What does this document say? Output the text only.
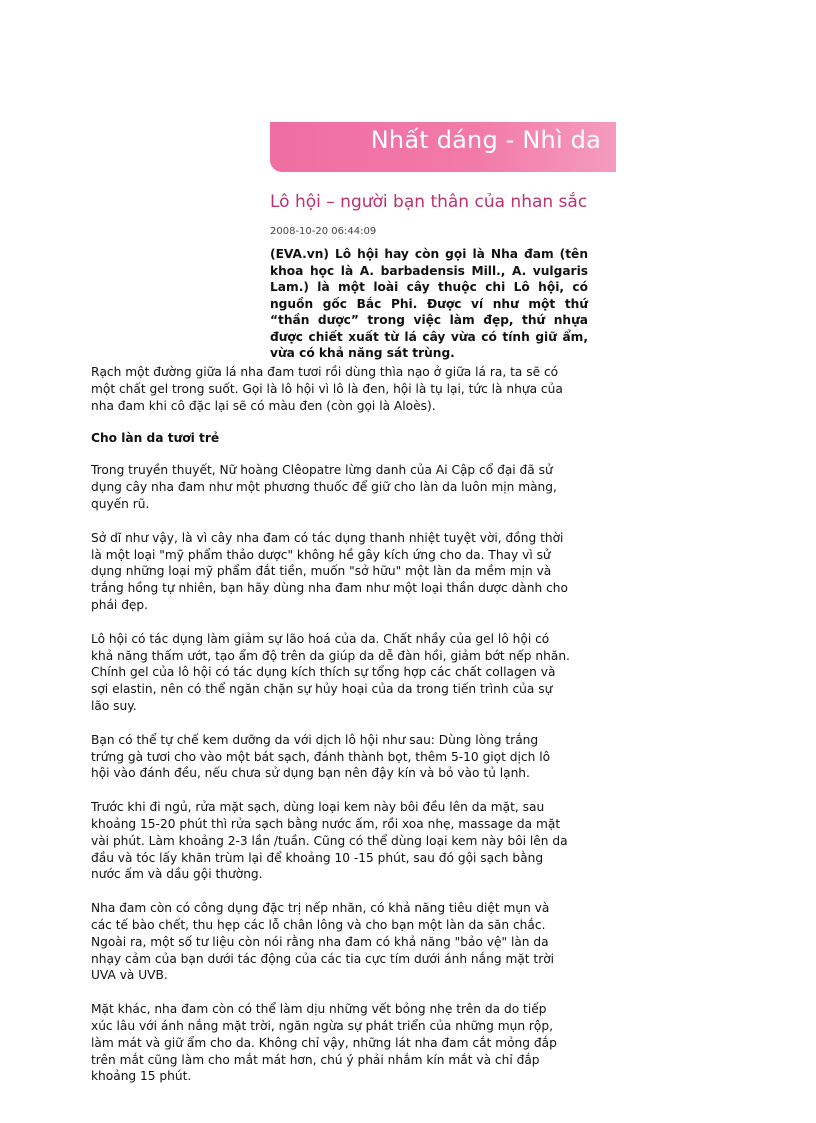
Nhất dáng - Nhì da
Lô hội – người bạn thân của nhan sắc
2008-10-20 06:44:09

(EVA.vn) Lô hội hay còn gọi là Nha đam (tên khoa học là A. barbadensis Mill., A. vulgaris Lam.) là một loài cây thuộc chi Lô hội, có nguồn gốc Bắc Phi. Được ví như một thứ “thần dược” trong việc làm đẹp, thứ nhựa được chiết xuất từ lá cây vừa có tính giữ ẩm, vừa có khả năng sát trùng.

Rạch một đường giữa lá nha đam tươi rồi dùng thìa nạo ở giữa lá ra, ta sẽ có một chất gel trong suốt. Gọi là lô hội vì lô là đen, hội là tụ lại, tức là nhựa của nha đam khi cô đặc lại sẽ có màu đen (còn gọi là Aloès).

Cho làn da tươi trẻ

Trong truyền thuyết, Nữ hoàng Clêopatre lừng danh của Ai Cập cổ đại đã sử dụng cây nha đam như một phương thuốc để giữ cho làn da luôn mịn màng, quyến rũ.

Sở dĩ như vậy, là vì cây nha đam có tác dụng thanh nhiệt tuyệt vời, đồng thời là một loại "mỹ phẩm thảo dược" không hề gây kích ứng cho da. Thay vì sử dụng những loại mỹ phẩm đắt tiền, muốn "sở hữu" một làn da mềm mịn và trắng hồng tự nhiên, bạn hãy dùng nha đam như một loại thần dược dành cho phái đẹp.

Lô hội có tác dụng làm giảm sự lão hoá của da. Chất nhầy của gel lô hội có khả năng thấm ướt, tạo ẩm độ trên da giúp da dễ đàn hồi, giảm bớt nếp nhăn. Chính gel của lô hội có tác dụng kích thích sự tổng hợp các chất collagen và sợi elastin, nên có thể ngăn chặn sự hủy hoại của da trong tiến trình của sự lão suy.

Bạn có thể tự chế kem dưỡng da với dịch lô hội như sau: Dùng lòng trắng trứng gà tươi cho vào một bát sạch, đánh thành bọt, thêm 5-10 giọt dịch lô hội vào đánh đều, nếu chưa sử dụng bạn nên đậy kín và bỏ vào tủ lạnh.

Trước khi đi ngủ, rửa mặt sạch, dùng loại kem này bôi đều lên da mặt, sau khoảng 15-20 phút thì rửa sạch bằng nước ấm, rồi xoa nhẹ, massage da mặt vài phút. Làm khoảng 2-3 lần /tuần. Cũng có thể dùng loại kem này bôi lên da đầu và tóc lấy khăn trùm lại để khoảng 10 -15 phút, sau đó gội sạch bằng nước ấm và dầu gội thường.

Nha đam còn có công dụng đặc trị nếp nhăn, có khả năng tiêu diệt mụn và các tế bào chết, thu hẹp các lỗ chân lông và cho bạn một làn da săn chắc. Ngoài ra, một số tư liệu còn nói rằng nha đam có khả năng "bảo vệ" làn da nhạy cảm của bạn dưới tác động của các tia cực tím dưới ánh nắng mặt trời UVA và UVB.

Mặt khác, nha đam còn có thể làm dịu những vết bỏng nhẹ trên da do tiếp xúc lâu với ánh nắng mặt trời, ngăn ngừa sự phát triển của những mụn rộp, làm mát và giữ ẩm cho da. Không chỉ vậy, những lát nha đam cắt mỏng đắp trên mắt cũng làm cho mắt mát hơn, chú ý phải nhắm kín mắt và chỉ đắp khoảng 15 phút.
